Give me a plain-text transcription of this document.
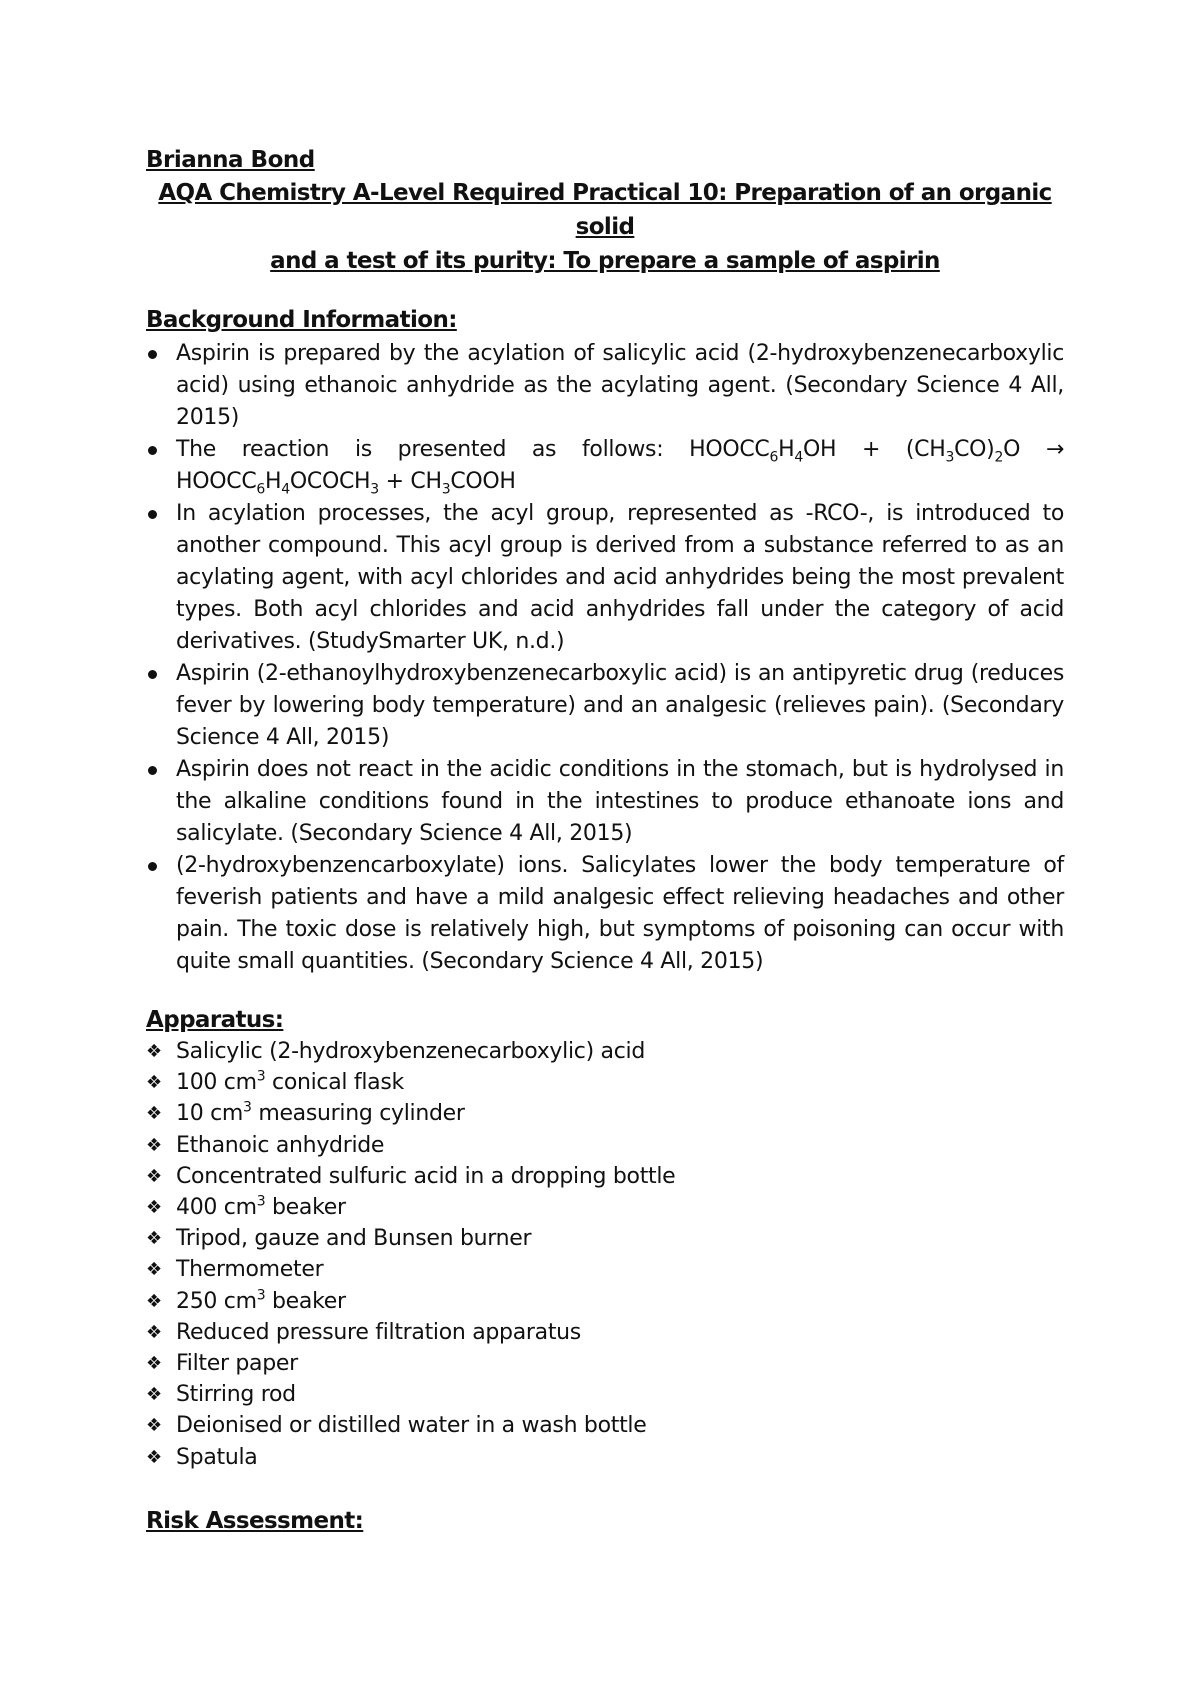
Brianna Bond

AQA Chemistry A-Level Required Practical 10: Preparation of an organic solid
and a test of its purity: To prepare a sample of aspirin

Background Information:

Aspirin is prepared by the acylation of salicylic acid (2-hydroxybenzenecarboxylic acid) using ethanoic anhydride as the acylating agent. (Secondary Science 4 All, 2015)
The reaction is presented as follows: $HOOCC_6H_4OH + (CH_3CO)_2O$ → $HOOCC_6H_4OCOCH_3$ + $CH_3COOH$
In acylation processes, the acyl group, represented as -RCO-, is introduced to another compound. This acyl group is derived from a substance referred to as an acylating agent, with acyl chlorides and acid anhydrides being the most prevalent types. Both acyl chlorides and acid anhydrides fall under the category of acid derivatives. (StudySmarter UK, n.d.)
Aspirin (2-ethanoylhydroxybenzenecarboxylic acid) is an antipyretic drug (reduces fever by lowering body temperature) and an analgesic (relieves pain). (Secondary Science 4 All, 2015)
Aspirin does not react in the acidic conditions in the stomach, but is hydrolysed in the alkaline conditions found in the intestines to produce ethanoate ions and salicylate. (Secondary Science 4 All, 2015)
(2-hydroxybenzencarboxylate) ions. Salicylates lower the body temperature of feverish patients and have a mild analgesic effect relieving headaches and other pain. The toxic dose is relatively high, but symptoms of poisoning can occur with quite small quantities. (Secondary Science 4 All, 2015)

Apparatus:

❖ Salicylic (2-hydroxybenzenecarboxylic) acid
❖ 100 $cm^3$ conical flask
❖ 10 $cm^3$ measuring cylinder
❖ Ethanoic anhydride
❖ Concentrated sulfuric acid in a dropping bottle
❖ 400 $cm^3$ beaker
❖ Tripod, gauze and Bunsen burner
❖ Thermometer
❖ 250 $cm^3$ beaker
❖ Reduced pressure filtration apparatus
❖ Filter paper
❖ Stirring rod
❖ Deionised or distilled water in a wash bottle
❖ Spatula

Risk Assessment:
